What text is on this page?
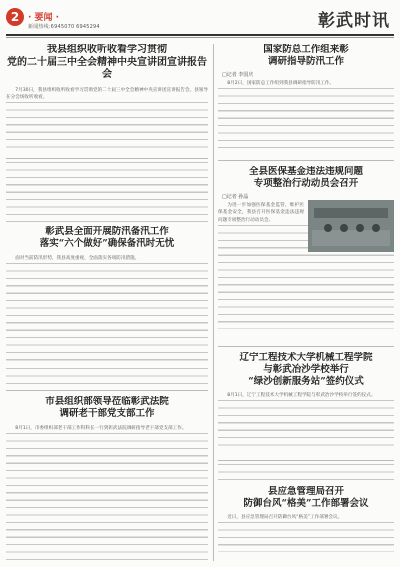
2 · 要闻 ·
新闻热线:6945070 6945294	彰武时讯
我县组织收听收看学习贯彻
党的二十届三中全会精神中央宣讲团宣讲报告会

7月30日，我县组织收听收看学习贯彻党的二十届三中全会精神中央宣讲团宣讲报告会。县领导在分会场收听收看。

彰武县全面开展防汛备汛工作
落实“六个做好”确保备汛时无忧

面对当前防汛形势，我县高度重视，全面落实各项防汛措施。

市县组织部领导莅临彰武法院
调研老干部党支部工作

8月1日，市委组织部老干部工作科科长一行到彰武法院调研指导老干部党支部工作。

国家防总工作组来彰
调研指导防汛工作
□记者 李国庆

8月2日，国家防总工作组到我县调研指导防汛工作。

全县医保基金违法违规问题
专项整治行动动员会召开
□记者 孙晶

为进一步加强医保基金监管，维护医保基金安全，我县召开医保基金违法违规问题专项整治行动动员会。

辽宁工程技术大学机械工程学院
与彰武冶沙学校举行
“绿沙创新服务站”签约仪式

8月1日，辽宁工程技术大学机械工程学院与彰武冶沙学校举行签约仪式。

县应急管理局召开
防御台风“格美”工作部署会议

近日，县应急管理局召开防御台风“格美”工作部署会议。
